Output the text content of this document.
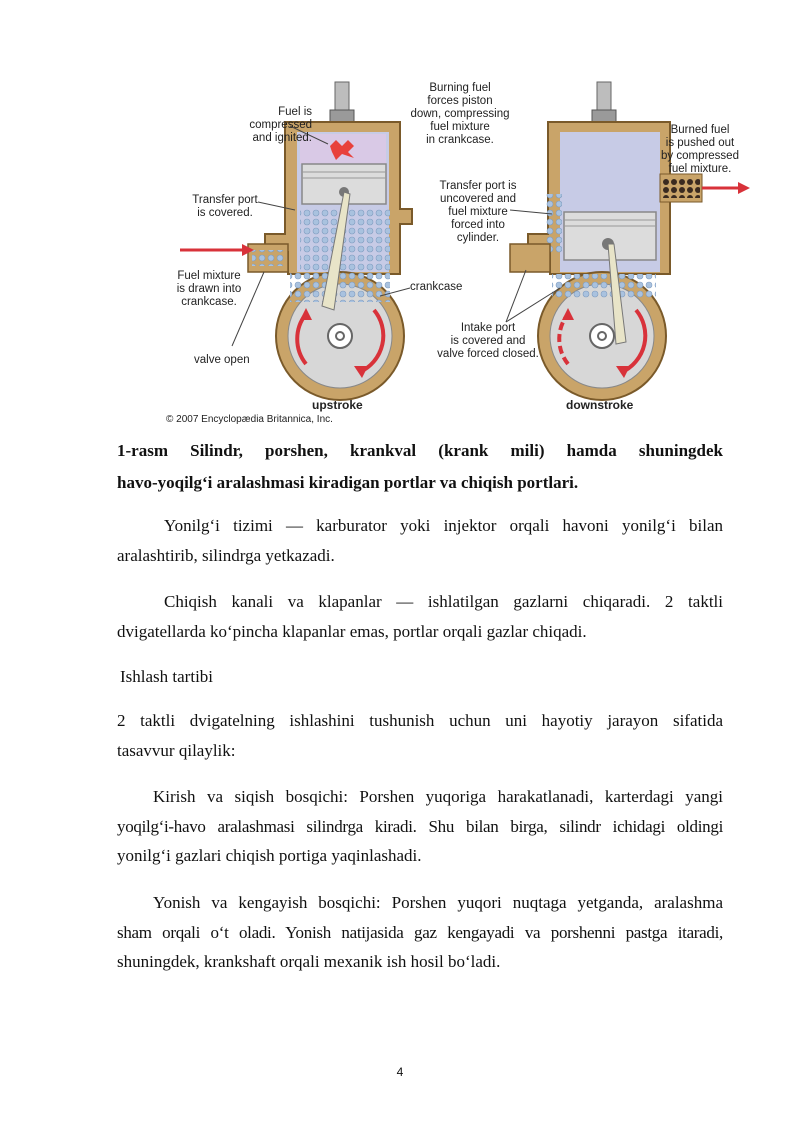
Fuel is
compressed
and ignited.
Burning fuel
forces piston
down, compressing
fuel mixture
in crankcase.
Burned fuel
is pushed out
by compressed
fuel mixture.
Transfer port
is covered.
Transfer port is
uncovered and
fuel mixture
forced into
cylinder.
Fuel mixture
is drawn into
crankcase.
crankcase
Intake port
is covered and
valve forced closed.
valve open
upstroke	downstroke
© 2007 Encyclopædia Britannica, Inc.
1-rasm Silindr, porshen, krankval (krank mili) hamda shuningdek
havo-yoqilg‘i aralashmasi kiradigan portlar va chiqish portlari.
Yonilg‘i tizimi — karburator yoki injektor orqali havoni yonilg‘i bilan
aralashtirib, silindrga yetkazadi.
Chiqish kanali va klapanlar — ishlatilgan gazlarni chiqaradi. 2 taktli
dvigatellarda ko‘pincha klapanlar emas, portlar orqali gazlar chiqadi.
Ishlash tartibi
2 taktli dvigatelning ishlashini tushunish uchun uni hayotiy jarayon sifatida
tasavvur qilaylik:
Kirish va siqish bosqichi: Porshen yuqoriga harakatlanadi, karterdagi yangi
yoqilg‘i-havo aralashmasi silindrga kiradi. Shu bilan birga, silindr ichidagi oldingi
yonilg‘i gazlari chiqish portiga yaqinlashadi.
Yonish va kengayish bosqichi: Porshen yuqori nuqtaga yetganda, aralashma
sham orqali o‘t oladi. Yonish natijasida gaz kengayadi va porshenni pastga itaradi,
shuningdek, krankshaft orqali mexanik ish hosil bo‘ladi.
4
